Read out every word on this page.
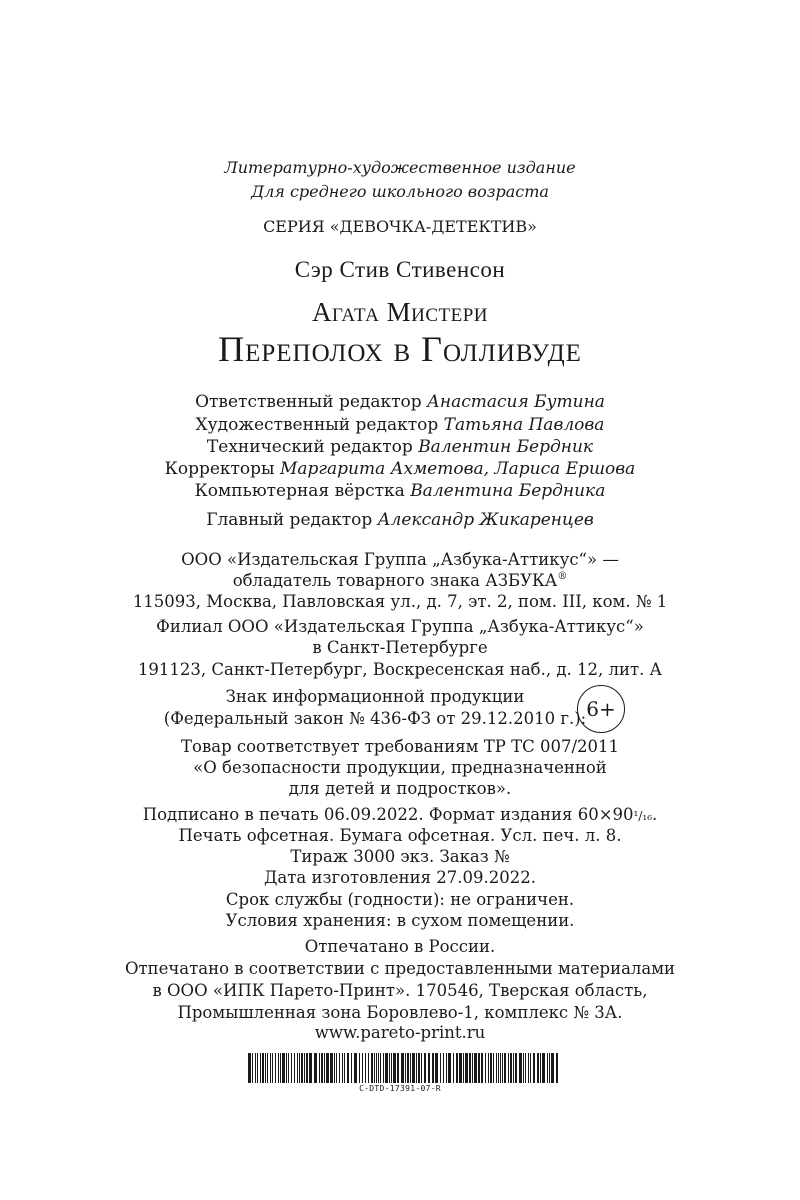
Литературно-художественное издание
Для среднего школьного возраста
СЕРИЯ «ДЕВОЧКА-ДЕТЕКТИВ»
Сэр Стив Стивенсон
Агата Мистери
Переполох в Голливуде
Ответственный редактор Анастасия Бутина
Художественный редактор Татьяна Павлова
Технический редактор Валентин Бердник
Корректоры Маргарита Ахметова, Лариса Ершова
Компьютерная вёрстка Валентина Бердника
Главный редактор Александр Жикаренцев
ООО «Издательская Группа „Азбука-Аттикус“» —
обладатель товарного знака АЗБУКА®
115093, Москва, Павловская ул., д. 7, эт. 2, пом. III, ком. № 1
Филиал ООО «Издательская Группа „Азбука-Аттикус“»
в Санкт-Петербурге
191123, Санкт-Петербург, Воскресенская наб., д. 12, лит. А
Знак информационной продукции
(Федеральный закон № 436-ФЗ от 29.12.2010 г.): 6+
Товар соответствует требованиям ТР ТС 007/2011
«О безопасности продукции, предназначенной
для детей и подростков».
Подписано в печать 06.09.2022. Формат издания 60×90¹/₁₆.
Печать офсетная. Бумага офсетная. Усл. печ. л. 8.
Тираж 3000 экз. Заказ №
Дата изготовления 27.09.2022.
Срок службы (годности): не ограничен.
Условия хранения: в сухом помещении.
Отпечатано в России.
Отпечатано в соответствии с предоставленными материалами
в ООО «ИПК Парето-Принт». 170546, Тверская область,
Промышленная зона Боровлево-1, комплекс № 3А.
www.pareto-print.ru
C-DTD-17391-07-R
